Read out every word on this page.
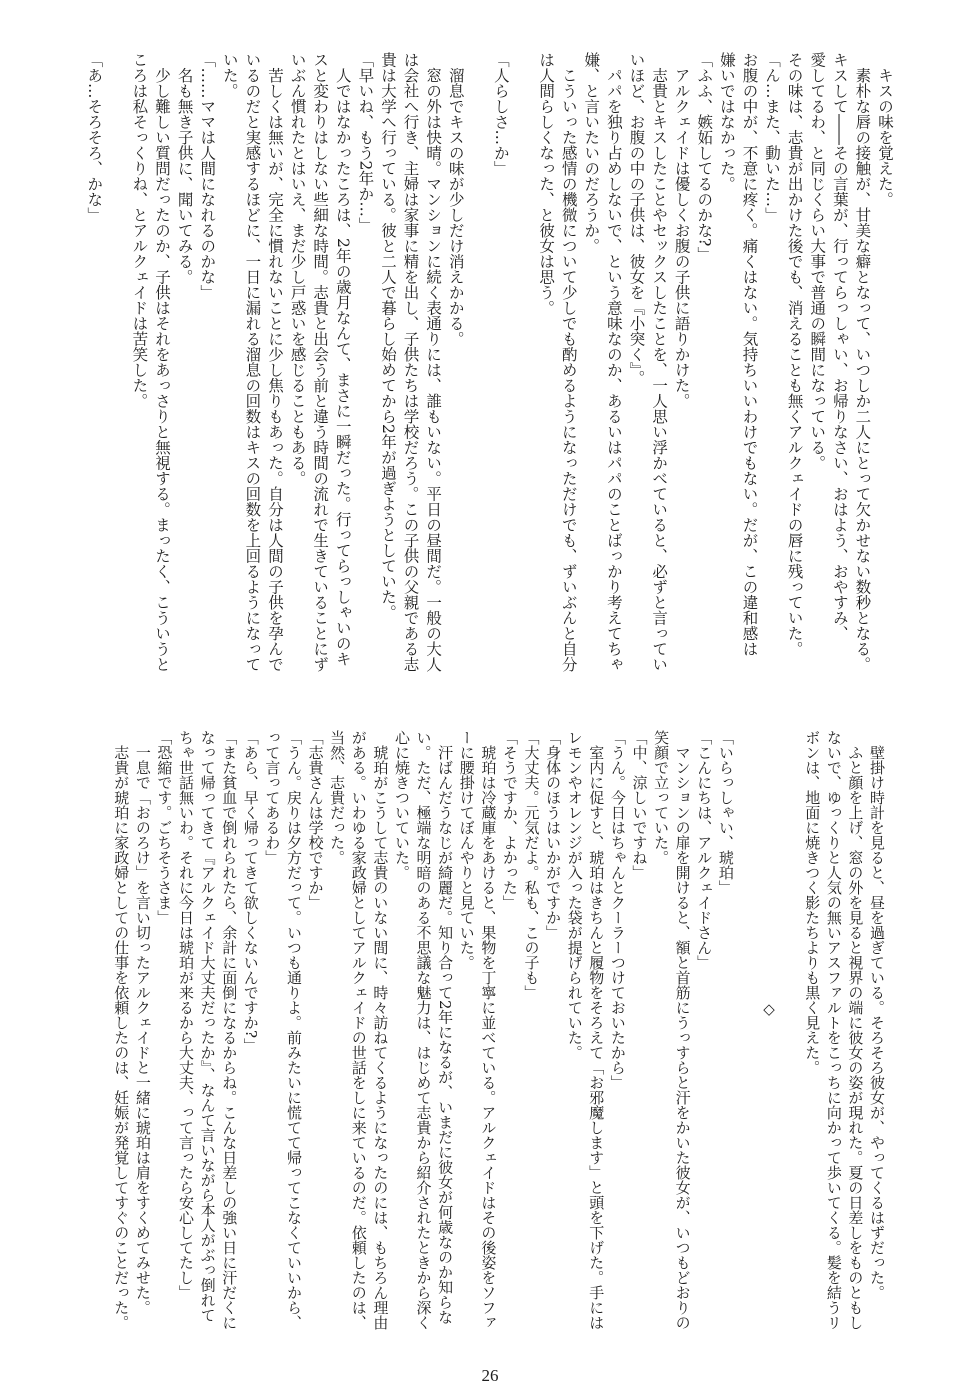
　キスの味を覚えた。
　素朴な唇の接触が、甘美な癖となって、いつしか二人にとって欠かせない数秒となる。
キスして――その言葉が、行ってらっしゃい、お帰りなさい、おはよう、おやすみ、
愛してるわ、と同じくらい大事で普通の瞬間になっている。
その味は、志貴が出かけた後でも、消えることも無くアルクェイドの唇に残っていた。
「ん…また、動いた…」
お腹の中が、不意に疼く。痛くはない。気持ちいいわけでもない。だが、この違和感は
嫌いではなかった。
「ふふ、嫉妬してるのかな?」
　アルクェイドは優しくお腹の子供に語りかけた。
　志貴とキスしたことやセックスしたことを、一人思い浮かべていると、必ずと言ってい
いほど、お腹の中の子供は、彼女を『小突く』。
　パパを独り占めしないで、という意味なのか、あるいはパパのことばっかり考えてちゃ
嫌、と言いたいのだろうか。
　こういった感情の機微について少しでも酌めるようになっただけでも、ずいぶんと自分
は人間らしくなった、と彼女は思う。
「人らしさ…か」
　溜息でキスの味が少しだけ消えかかる。
　窓の外は快晴。マンションに続く表通りには、誰もいない。平日の昼間だ。一般の大人
は会社へ行き、主婦は家事に精を出し、子供たちは学校だろう。この子供の父親である志
貴は大学へ行っている。彼と二人で暮らし始めてから2年が過ぎようとしていた。
「早いね、もう2年か…」
　人ではなかったころは、2年の歳月なんて、まさに一瞬だった。行ってらっしゃいのキ
スと変わりはしない些細な時間。志貴と出会う前と違う時間の流れで生きていることにず
いぶん慣れたとはいえ、まだ少し戸惑いを感じることもある。
　苦しくは無いが、完全に慣れないことに少し焦りもあった。自分は人間の子供を孕んで
いるのだと実感するほどに、一日に漏れる溜息の回数はキスの回数を上回るようになって
いた。
「……ママは人間になれるのかな」
　名も無き子供に、聞いてみる。
　少し難しい質問だったのか、子供はそれをあっさりと無視する。まったく、こういうと
ころは私そっくりね、とアルクェイドは苦笑した。
「あ…そろそろ、かな」
　壁掛け時計を見ると、昼を過ぎている。そろそろ彼女が、やってくるはずだった。
　ふと顔を上げ、窓の外を見ると視界の端に彼女の姿が現れた。夏の日差しをものともし
ないで、ゆっくりと人気の無いアスファルトをこっちに向かって歩いてくる。髪を結うリ
ボンは、地面に焼きつく影たちよりも黒く見えた。
　　　　　　　　　　　　　　　　　　◇
「いらっしゃい、琥珀」
「こんにちは、アルクェイドさん」
　マンションの扉を開けると、額と首筋にうっすらと汗をかいた彼女が、いつもどおりの
笑顔で立っていた。
「中、涼しいですね」
「うん。今日はちゃんとクーラーつけておいたから」
　室内に促すと、琥珀はきちんと履物をそろえて「お邪魔します」と頭を下げた。手には
レモンやオレンジが入った袋が提げられていた。
「身体のほうはいかがですか」
「大丈夫。元気だよ。私も、この子も」
「そうですか、よかった」
　琥珀は冷蔵庫をあけると、果物を丁寧に並べている。アルクェイドはその後姿をソファ
ーに腰掛けてぼんやりと見ていた。
　汗ばんだうなじが綺麗だ。知り合って2年になるが、いまだに彼女が何歳なのか知らな
い。ただ、極端な明暗のある不思議な魅力は、はじめて志貴から紹介されたときから深く
心に焼きついていた。
　琥珀がこうして志貴のいない間に、時々訪ねてくるようになったのには、もちろん理由
がある。いわゆる家政婦としてアルクェイドの世話をしに来ているのだ。依頼したのは、
当然、志貴だった。
「志貴さんは学校ですか」
「うん。戻りは夕方だって。いつも通りよ。前みたいに慌てて帰ってこなくていいから、
って言ってあるわ」
「あら、早く帰ってきて欲しくないんですか?」
「また貧血で倒れられたら、余計に面倒になるからね。こんな日差しの強い日に汗だくに
なって帰ってきて『アルクェイド大丈夫だったか』、なんて言いながら本人がぶっ倒れて
ちゃ世話無いわ。それに今日は琥珀が来るから大丈夫、って言ったら安心してたし」
「恐縮です。ごちそうさま」
　一息で「おのろけ」を言い切ったアルクェイドと一緒に琥珀は肩をすくめてみせた。
　志貴が琥珀に家政婦としての仕事を依頼したのは、妊娠が発覚してすぐのことだった。
26
